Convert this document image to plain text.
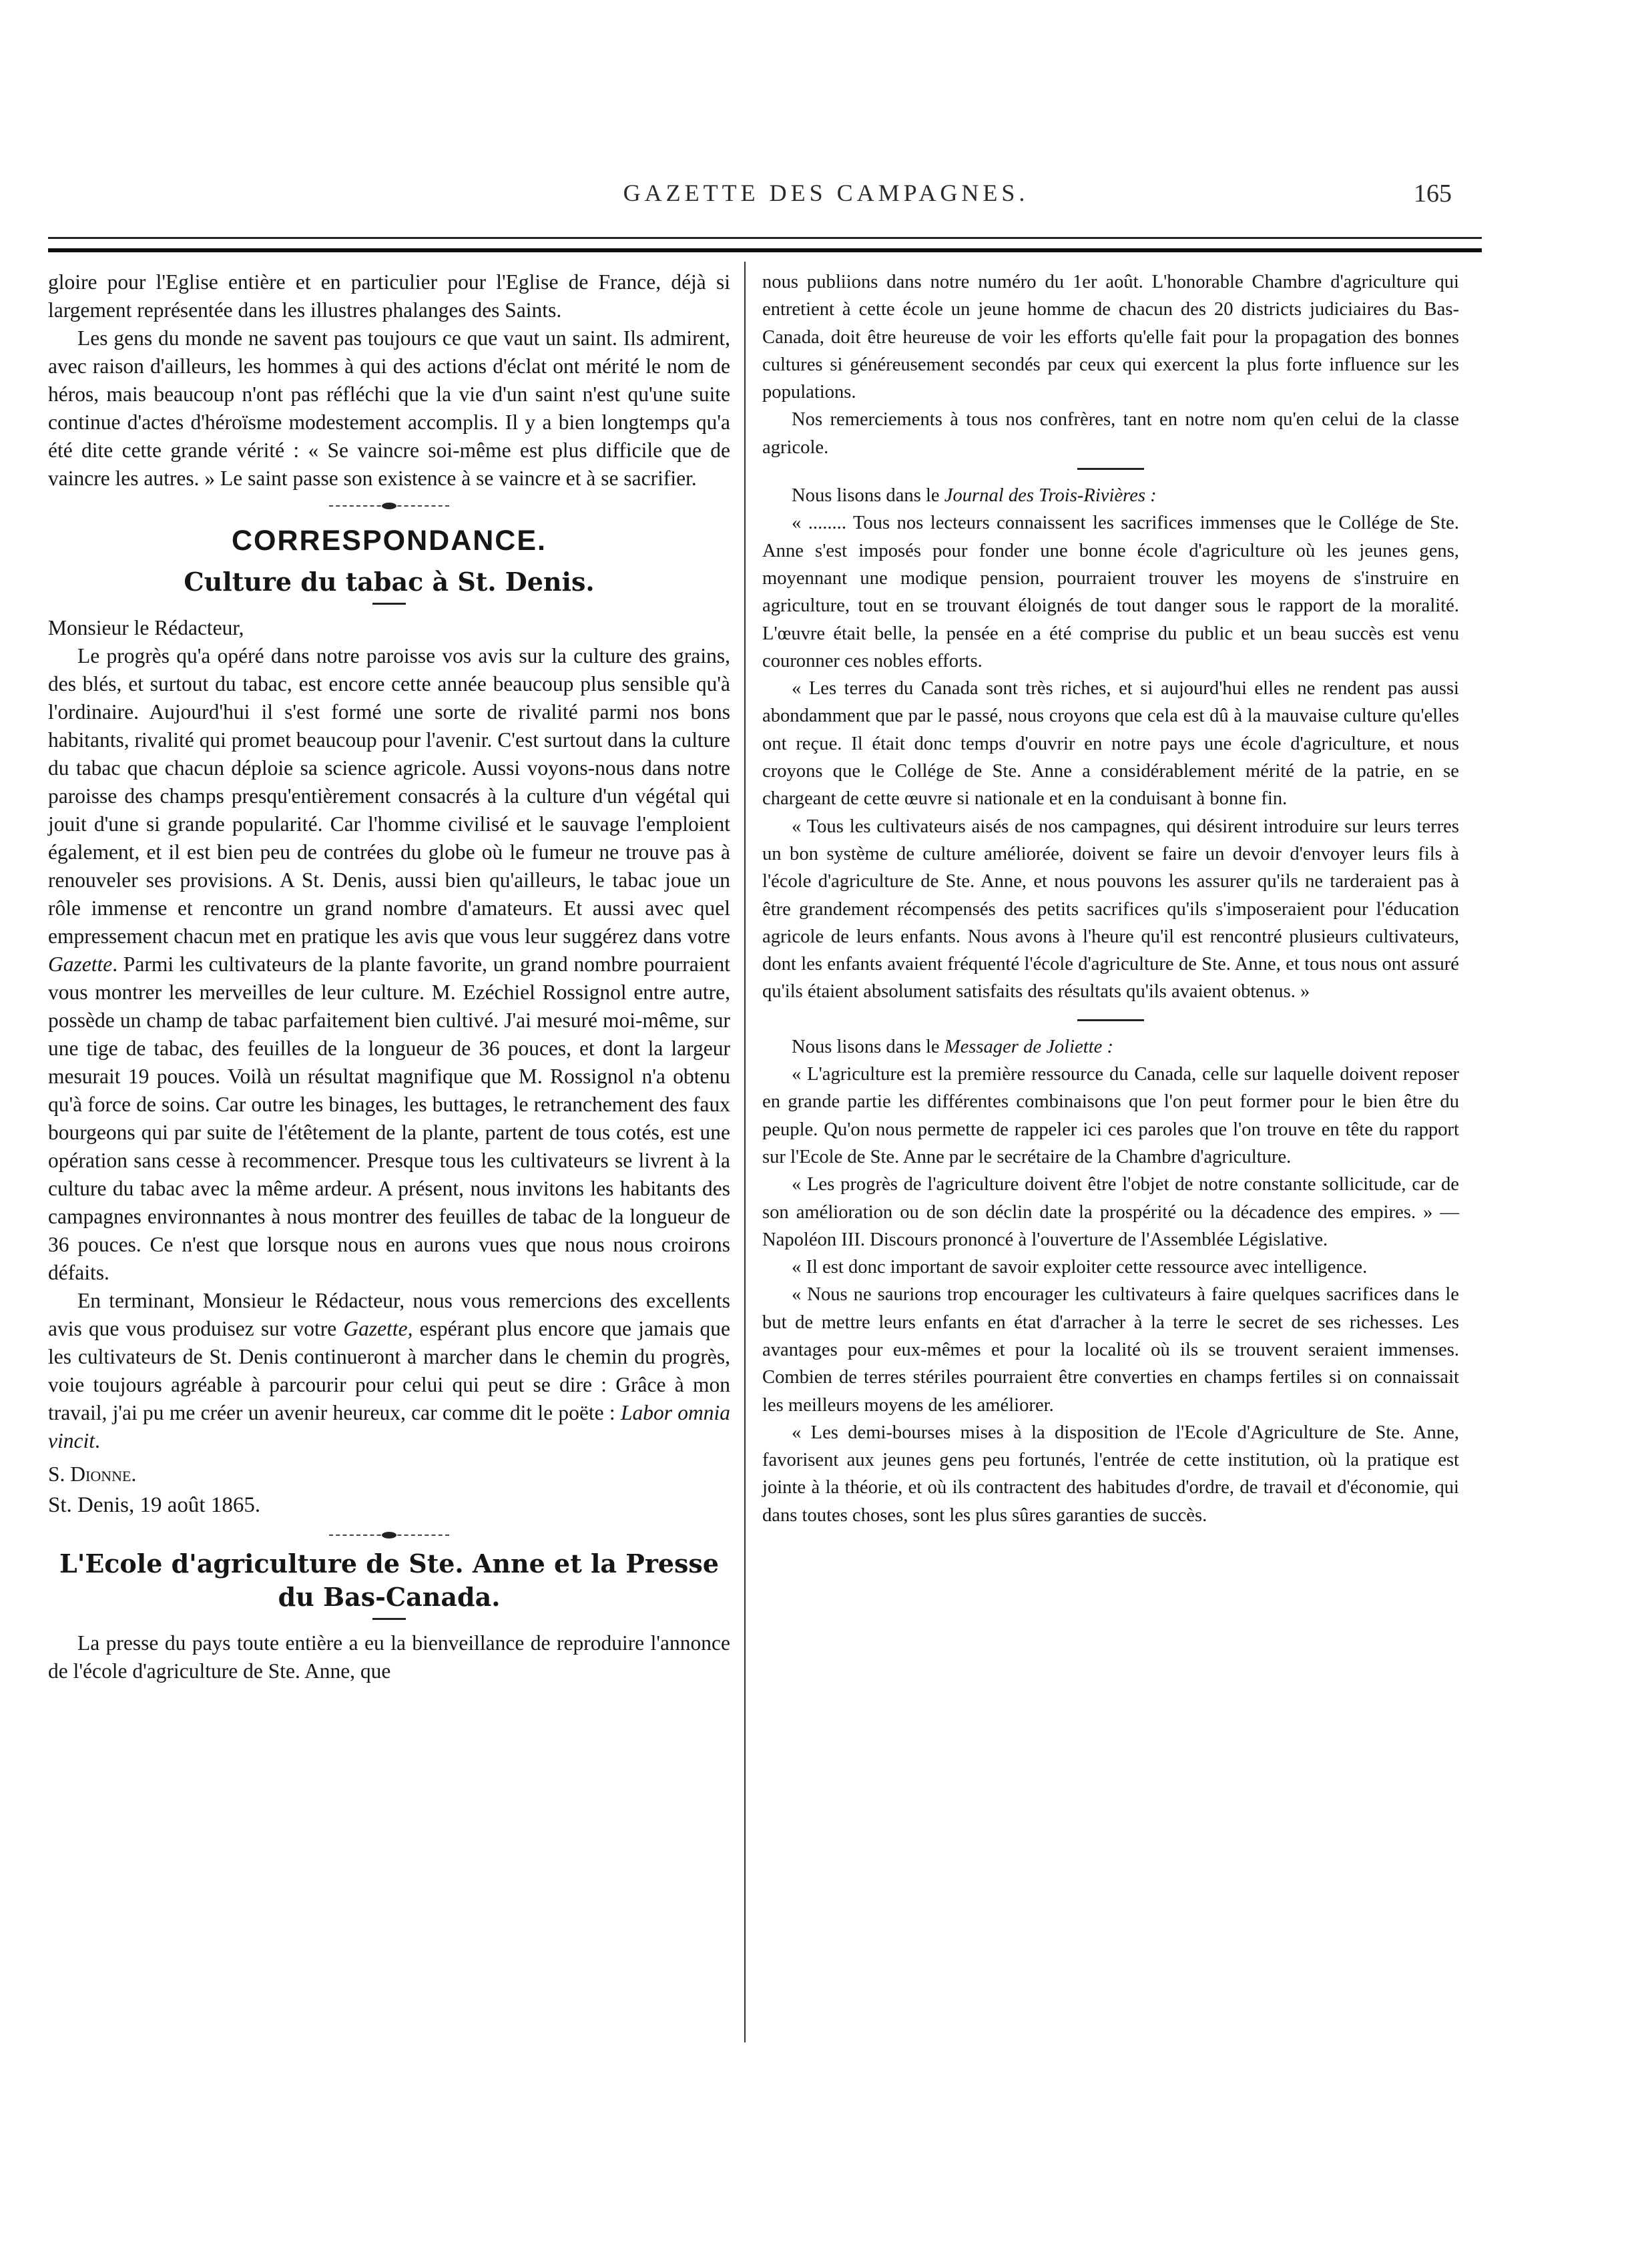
GAZETTE DES CAMPAGNES.	165

gloire pour l'Eglise entière et en particulier pour l'Eglise de France, déjà si largement représentée dans les illustres phalanges des Saints.

Les gens du monde ne savent pas toujours ce que vaut un saint. Ils admirent, avec raison d'ailleurs, les hommes à qui des actions d'éclat ont mérité le nom de héros, mais beaucoup n'ont pas réfléchi que la vie d'un saint n'est qu'une suite continue d'actes d'héroïsme modestement accomplis. Il y a bien longtemps qu'a été dite cette grande vérité : « Se vaincre soi-même est plus difficile que de vaincre les autres. » Le saint passe son existence à se vaincre et à se sacrifier.

CORRESPONDANCE.
Culture du tabac à St. Denis.

Monsieur le Rédacteur,

Le progrès qu'a opéré dans notre paroisse vos avis sur la culture des grains, des blés, et surtout du tabac, est encore cette année beaucoup plus sensible qu'à l'ordinaire. Aujourd'hui il s'est formé une sorte de rivalité parmi nos bons habitants, rivalité qui promet beaucoup pour l'avenir. C'est surtout dans la culture du tabac que chacun déploie sa science agricole. Aussi voyons-nous dans notre paroisse des champs presqu'entièrement consacrés à la culture d'un végétal qui jouit d'une si grande popularité. Car l'homme civilisé et le sauvage l'emploient également, et il est bien peu de contrées du globe où le fumeur ne trouve pas à renouveler ses provisions. A St. Denis, aussi bien qu'ailleurs, le tabac joue un rôle immense et rencontre un grand nombre d'amateurs. Et aussi avec quel empressement chacun met en pratique les avis que vous leur suggérez dans votre Gazette. Parmi les cultivateurs de la plante favorite, un grand nombre pourraient vous montrer les merveilles de leur culture. M. Ezéchiel Rossignol entre autre, possède un champ de tabac parfaitement bien cultivé. J'ai mesuré moi-même, sur une tige de tabac, des feuilles de la longueur de 36 pouces, et dont la largeur mesurait 19 pouces. Voilà un résultat magnifique que M. Rossignol n'a obtenu qu'à force de soins. Car outre les binages, les buttages, le retranchement des faux bourgeons qui par suite de l'étêtement de la plante, partent de tous cotés, est une opération sans cesse à recommencer. Presque tous les cultivateurs se livrent à la culture du tabac avec la même ardeur. A présent, nous invitons les habitants des campagnes environnantes à nous montrer des feuilles de tabac de la longueur de 36 pouces. Ce n'est que lorsque nous en aurons vues que nous nous croirons défaits.

En terminant, Monsieur le Rédacteur, nous vous remercions des excellents avis que vous produisez sur votre Gazette, espérant plus encore que jamais que les cultivateurs de St. Denis continueront à marcher dans le chemin du progrès, voie toujours agréable à parcourir pour celui qui peut se dire : Grâce à mon travail, j'ai pu me créer un avenir heureux, car comme dit le poëte : Labor omnia vincit.

S. Dionne.

St. Denis, 19 août 1865.

L'Ecole d'agriculture de Ste. Anne et la Presse du Bas-Canada.

La presse du pays toute entière a eu la bienveillance de reproduire l'annonce de l'école d'agriculture de Ste. Anne, que

nous publiions dans notre numéro du 1er août. L'honorable Chambre d'agriculture qui entretient à cette école un jeune homme de chacun des 20 districts judiciaires du Bas-Canada, doit être heureuse de voir les efforts qu'elle fait pour la propagation des bonnes cultures si généreusement secondés par ceux qui exercent la plus forte influence sur les populations.

Nos remerciements à tous nos confrères, tant en notre nom qu'en celui de la classe agricole.

Nous lisons dans le Journal des Trois-Rivières :

« ........ Tous nos lecteurs connaissent les sacrifices immenses que le Collége de Ste. Anne s'est imposés pour fonder une bonne école d'agriculture où les jeunes gens, moyennant une modique pension, pourraient trouver les moyens de s'instruire en agriculture, tout en se trouvant éloignés de tout danger sous le rapport de la moralité. L'œuvre était belle, la pensée en a été comprise du public et un beau succès est venu couronner ces nobles efforts.

« Les terres du Canada sont très riches, et si aujourd'hui elles ne rendent pas aussi abondamment que par le passé, nous croyons que cela est dû à la mauvaise culture qu'elles ont reçue. Il était donc temps d'ouvrir en notre pays une école d'agriculture, et nous croyons que le Collége de Ste. Anne a considérablement mérité de la patrie, en se chargeant de cette œuvre si nationale et en la conduisant à bonne fin.

« Tous les cultivateurs aisés de nos campagnes, qui désirent introduire sur leurs terres un bon système de culture améliorée, doivent se faire un devoir d'envoyer leurs fils à l'école d'agriculture de Ste. Anne, et nous pouvons les assurer qu'ils ne tarderaient pas à être grandement récompensés des petits sacrifices qu'ils s'imposeraient pour l'éducation agricole de leurs enfants. Nous avons à l'heure qu'il est rencontré plusieurs cultivateurs, dont les enfants avaient fréquenté l'école d'agriculture de Ste. Anne, et tous nous ont assuré qu'ils étaient absolument satisfaits des résultats qu'ils avaient obtenus. »

Nous lisons dans le Messager de Joliette :

« L'agriculture est la première ressource du Canada, celle sur laquelle doivent reposer en grande partie les différentes combinaisons que l'on peut former pour le bien être du peuple. Qu'on nous permette de rappeler ici ces paroles que l'on trouve en tête du rapport sur l'Ecole de Ste. Anne par le secrétaire de la Chambre d'agriculture.

« Les progrès de l'agriculture doivent être l'objet de notre constante sollicitude, car de son amélioration ou de son déclin date la prospérité ou la décadence des empires. » —Napoléon III. Discours prononcé à l'ouverture de l'Assemblée Législative.

« Il est donc important de savoir exploiter cette ressource avec intelligence.

« Nous ne saurions trop encourager les cultivateurs à faire quelques sacrifices dans le but de mettre leurs enfants en état d'arracher à la terre le secret de ses richesses. Les avantages pour eux-mêmes et pour la localité où ils se trouvent seraient immenses. Combien de terres stériles pourraient être converties en champs fertiles si on connaissait les meilleurs moyens de les améliorer.

« Les demi-bourses mises à la disposition de l'Ecole d'Agriculture de Ste. Anne, favorisent aux jeunes gens peu fortunés, l'entrée de cette institution, où la pratique est jointe à la théorie, et où ils contractent des habitudes d'ordre, de travail et d'économie, qui dans toutes choses, sont les plus sûres garanties de succès.
